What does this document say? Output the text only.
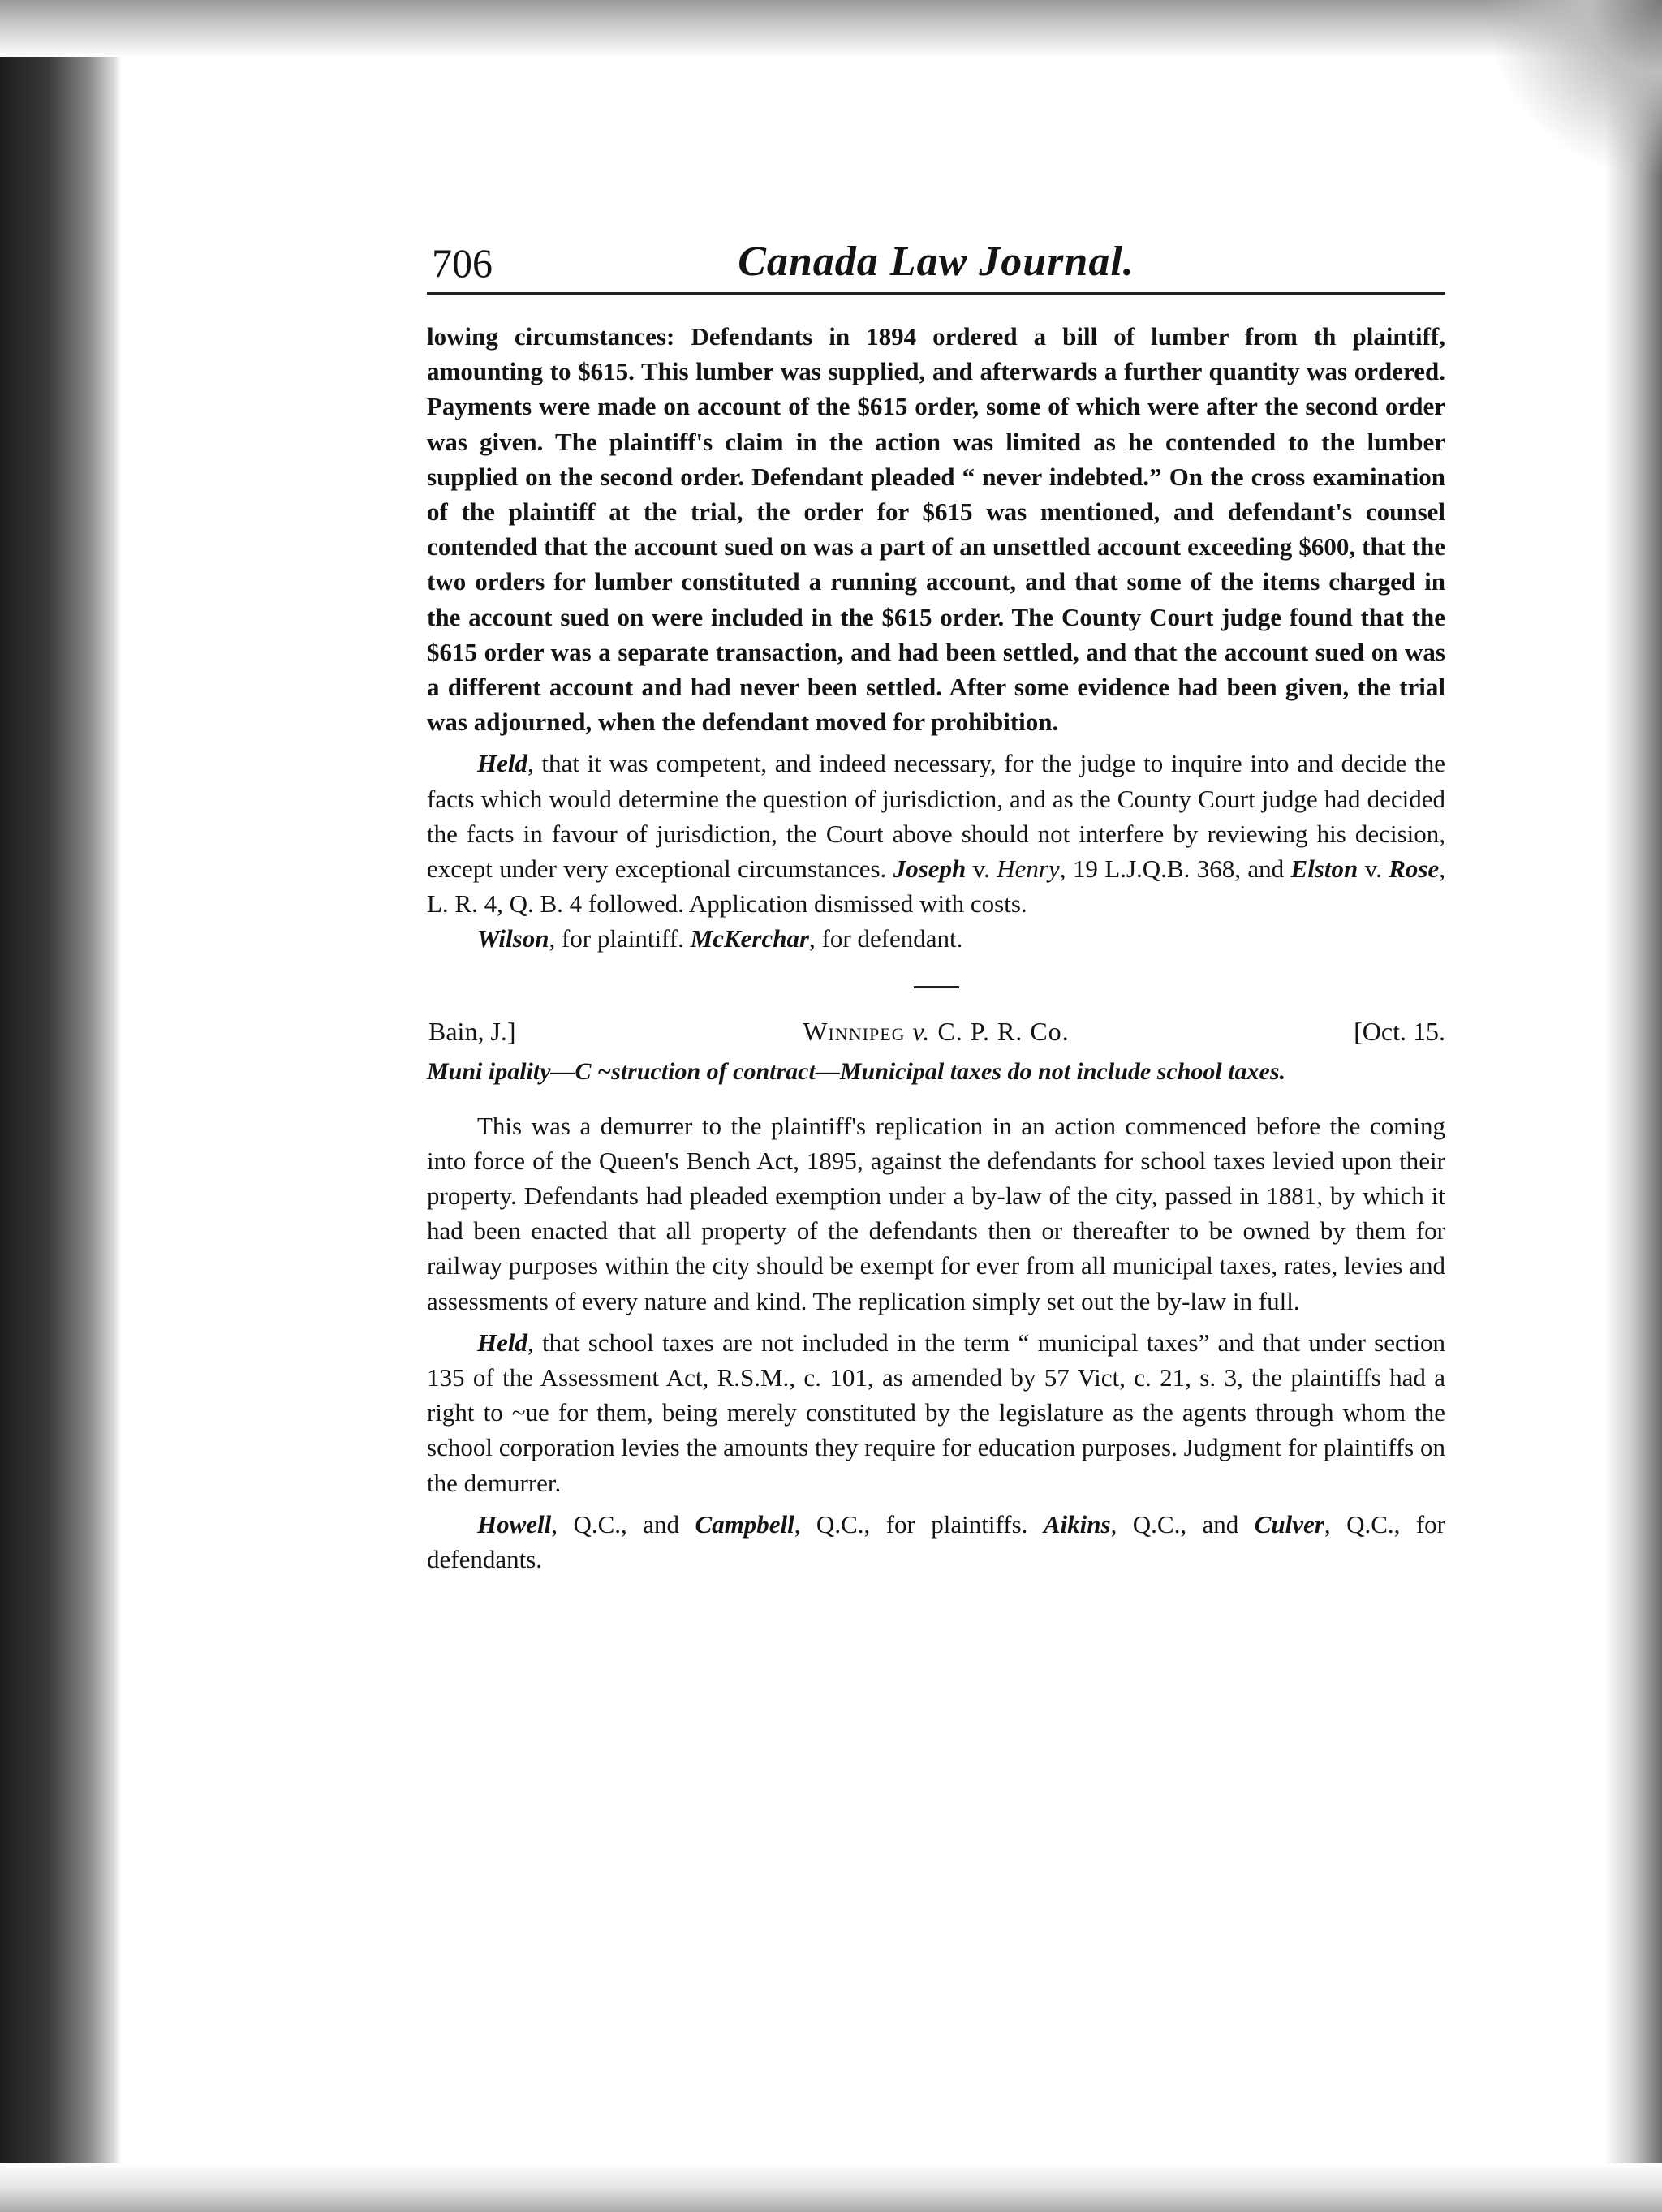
706	Canada Law Journal.

lowing circumstances: Defendants in 1894 ordered a bill of lumber from th plaintiff, amounting to $615. This lumber was supplied, and afterwards a further quantity was ordered. Payments were made on account of the $615 order, some of which were after the second order was given. The plaintiff's claim in the action was limited as he contended to the lumber supplied on the second order. Defendant pleaded “ never indebted.” On the cross examination of the plaintiff at the trial, the order for $615 was mentioned, and defendant's counsel contended that the account sued on was a part of an unsettled account exceeding $600, that the two orders for lumber constituted a running account, and that some of the items charged in the account sued on were included in the $615 order. The County Court judge found that the $615 order was a separate transaction, and had been settled, and that the account sued on was a different account and had never been settled. After some evidence had been given, the trial was adjourned, when the defendant moved for prohibition.

Held, that it was competent, and indeed necessary, for the judge to inquire into and decide the facts which would determine the question of jurisdiction, and as the County Court judge had decided the facts in favour of jurisdiction, the Court above should not interfere by reviewing his decision, except under very exceptional circumstances. Joseph v. Henry, 19 L.J.Q.B. 368, and Elston v. Rose, L. R. 4, Q. B. 4 followed. Application dismissed with costs.

Wilson, for plaintiff. McKerchar, for defendant.

Bain, J.]	Winnipeg v. C. P. R. Co.	[Oct. 15.
Muni ipality—C ~struction of contract—Municipal taxes do not include school taxes.

This was a demurrer to the plaintiff's replication in an action commenced before the coming into force of the Queen's Bench Act, 1895, against the defendants for school taxes levied upon their property. Defendants had pleaded exemption under a by-law of the city, passed in 1881, by which it had been enacted that all property of the defendants then or thereafter to be owned by them for railway purposes within the city should be exempt for ever from all municipal taxes, rates, levies and assessments of every nature and kind. The replication simply set out the by-law in full.

Held, that school taxes are not included in the term “ municipal taxes” and that under section 135 of the Assessment Act, R.S.M., c. 101, as amended by 57 Vict, c. 21, s. 3, the plaintiffs had a right to ~ue for them, being merely constituted by the legislature as the agents through whom the school corporation levies the amounts they require for education purposes. Judgment for plaintiffs on the demurrer.

Howell, Q.C., and Campbell, Q.C., for plaintiffs. Aikins, Q.C., and Culver, Q.C., for defendants.
